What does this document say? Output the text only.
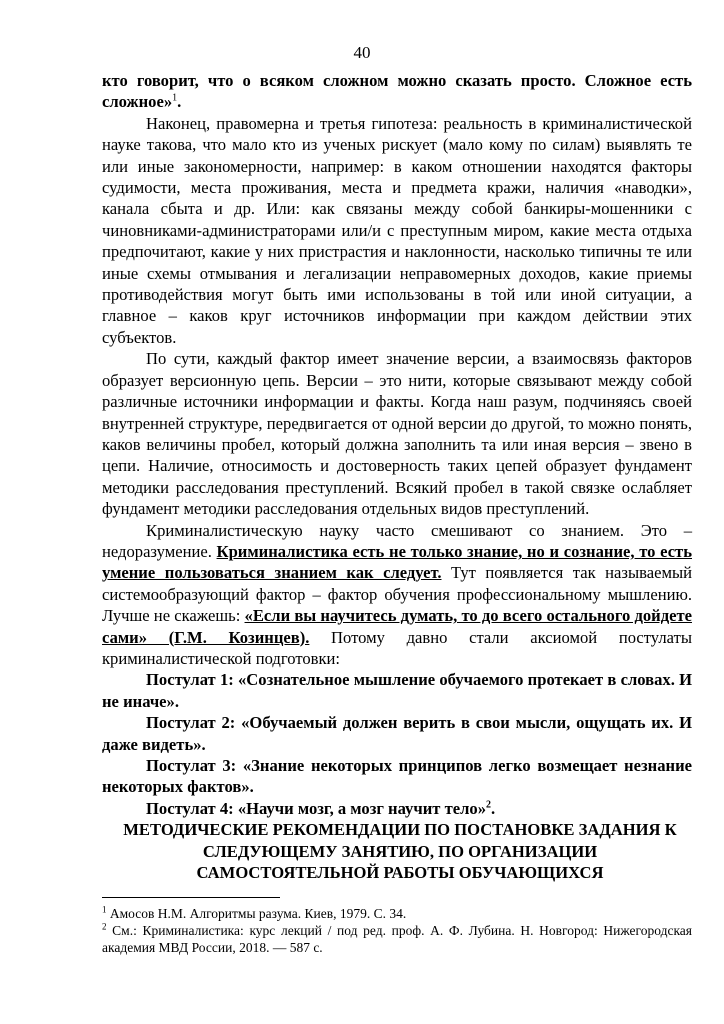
40

кто говорит, что о всяком сложном можно сказать просто. Сложное есть сложное»$^1$.

Наконец, правомерна и третья гипотеза: реальность в криминалистической науке такова, что мало кто из ученых рискует (мало кому по силам) выявлять те или иные закономерности, например: в каком отношении находятся факторы судимости, места проживания, места и предмета кражи, наличия «наводки», канала сбыта и др. Или: как связаны между собой банкиры-мошенники с чиновниками-администраторами или/и с преступным миром, какие места отдыха предпочитают, какие у них пристрастия и наклонности, насколько типичны те или иные схемы отмывания и легализации неправомерных доходов, какие приемы противодействия могут быть ими использованы в той или иной ситуации, а главное – каков круг источников информации при каждом действии этих субъектов.

По сути, каждый фактор имеет значение версии, а взаимосвязь факторов образует версионную цепь. Версии – это нити, которые связывают между собой различные источники информации и факты. Когда наш разум, подчиняясь своей внутренней структуре, передвигается от одной версии до другой, то можно понять, каков величины пробел, который должна заполнить та или иная версия – звено в цепи. Наличие, относимость и достоверность таких цепей образует фундамент методики расследования преступлений. Всякий пробел в такой связке ослабляет фундамент методики расследования отдельных видов преступлений.

Криминалистическую науку часто смешивают со знанием. Это – недоразумение. Криминалистика есть не только знание, но и сознание, то есть умение пользоваться знанием как следует. Тут появляется так называемый системообразующий фактор – фактор обучения профессиональному мышлению. Лучше не скажешь: «Если вы научитесь думать, то до всего остального дойдете сами» (Г.М. Козинцев). Потому давно стали аксиомой постулаты криминалистической подготовки:

Постулат 1: «Сознательное мышление обучаемого протекает в словах. И не иначе».

Постулат 2: «Обучаемый должен верить в свои мысли, ощущать их. И даже видеть».

Постулат 3: «Знание некоторых принципов легко возмещает незнание некоторых фактов».

Постулат 4: «Научи мозг, а мозг научит тело»$^2$.

МЕТОДИЧЕСКИЕ РЕКОМЕНДАЦИИ ПО ПОСТАНОВКЕ ЗАДАНИЯ К СЛЕДУЮЩЕМУ ЗАНЯТИЮ, ПО ОРГАНИЗАЦИИ САМОСТОЯТЕЛЬНОЙ РАБОТЫ ОБУЧАЮЩИХСЯ

$^1$ Амосов Н.М. Алгоритмы разума. Киев, 1979. С. 34.

$^2$ См.: Криминалистика: курс лекций / под ред. проф. А. Ф. Лубина. Н. Новгород: Нижегородская академия МВД России, 2018. — 587 с.
